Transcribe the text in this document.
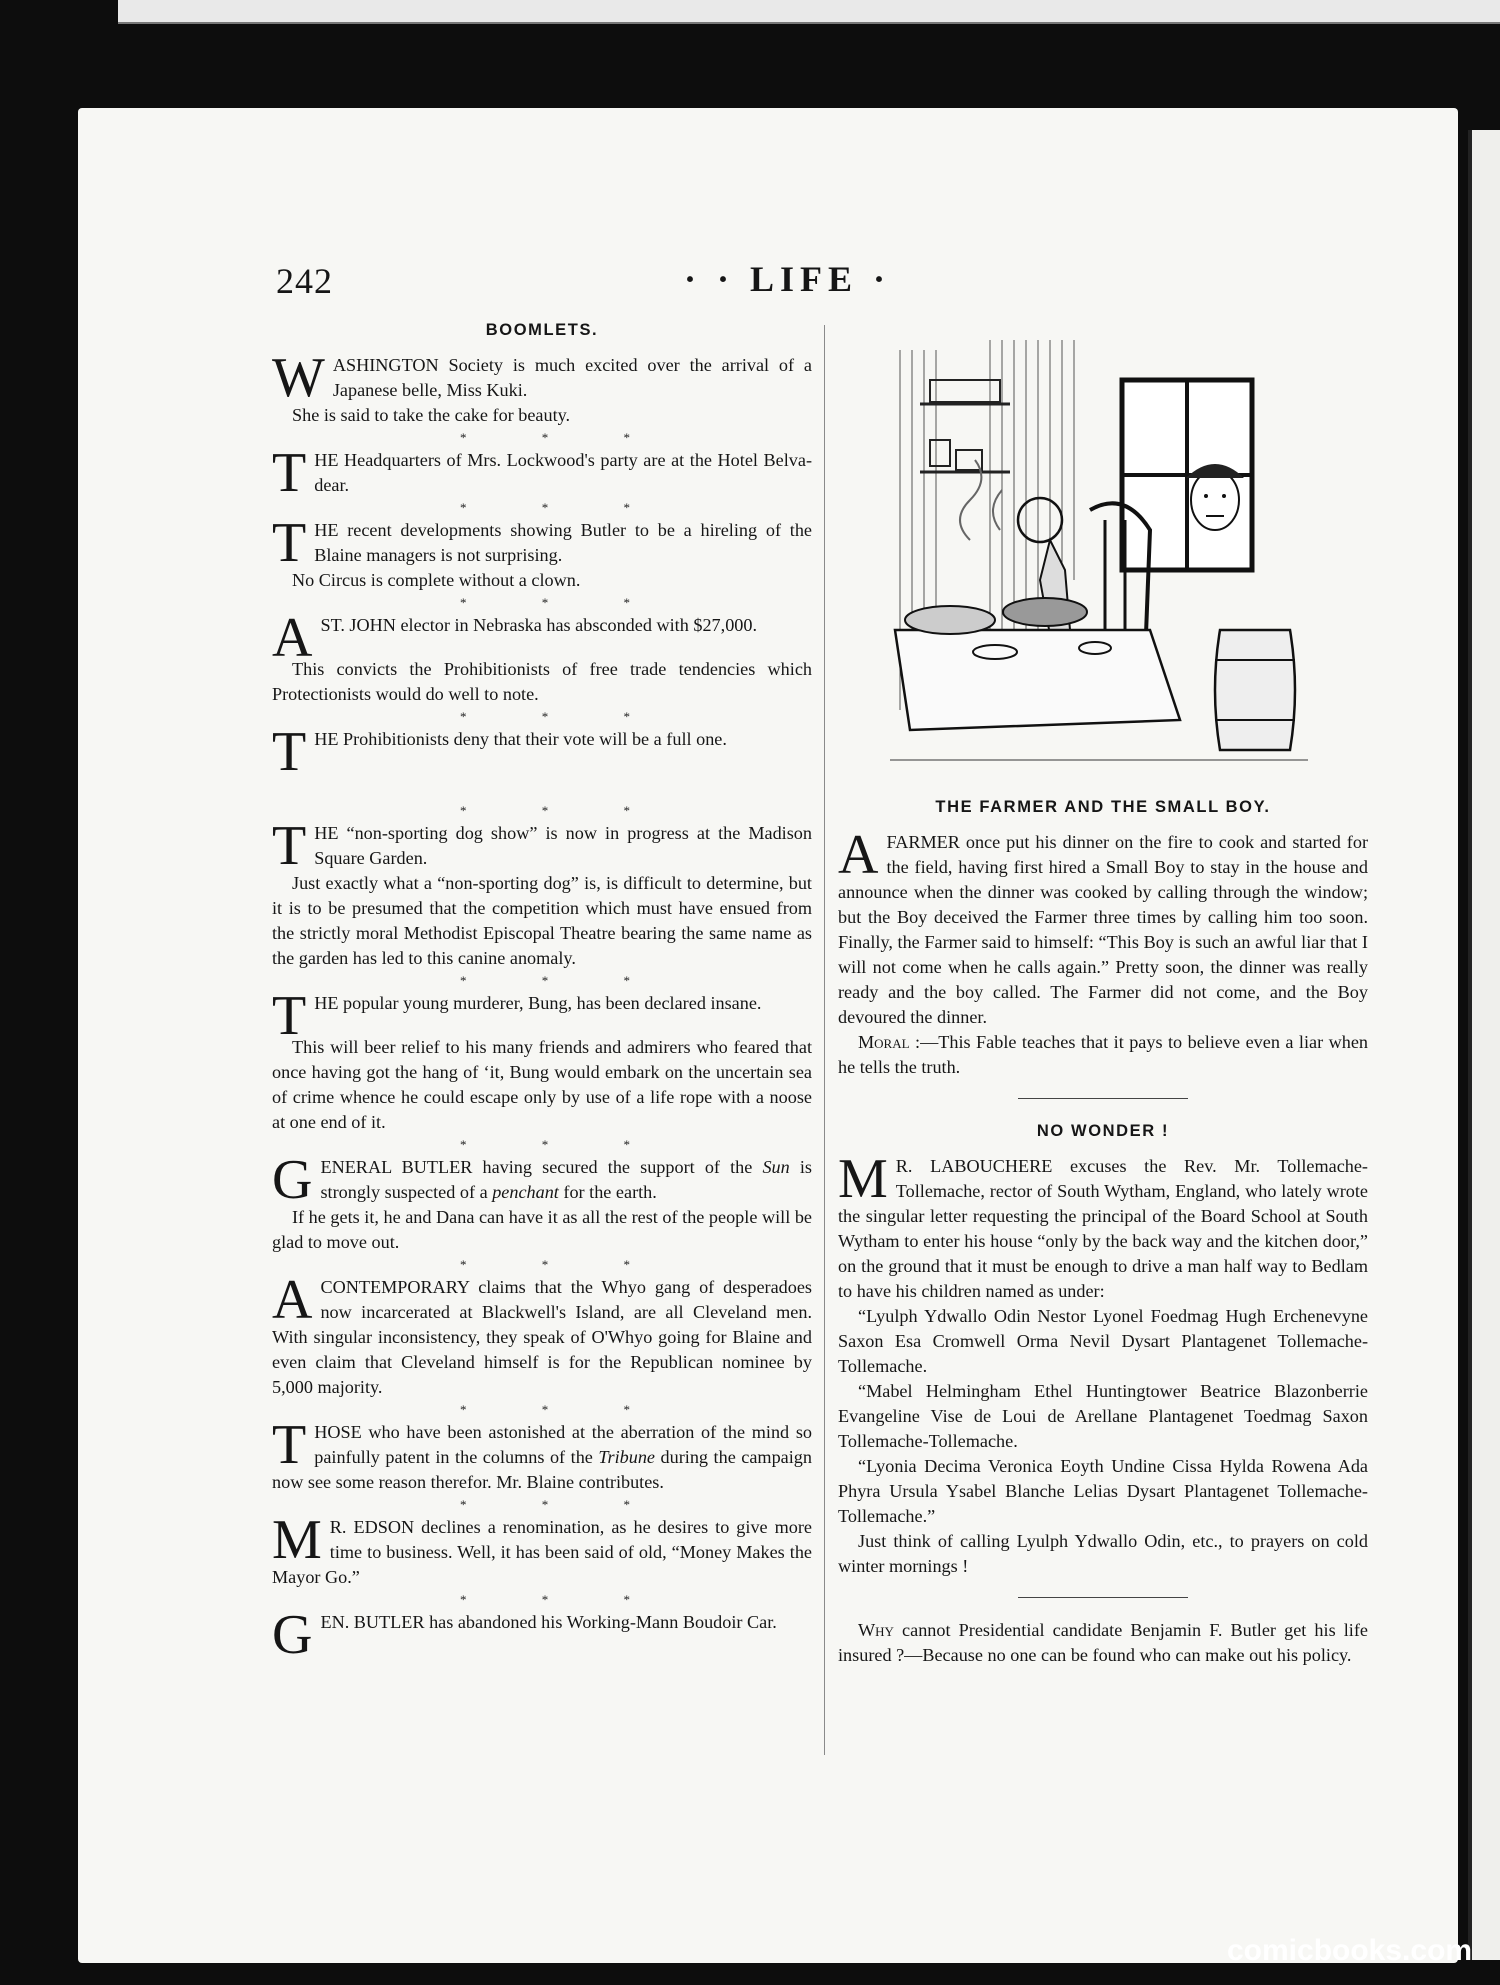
242	· · LIFE ·
BOOMLETS.

WASHINGTON Society is much excited over the arrival of a Japanese belle, Miss Kuki.

She is said to take the cake for beauty.

* * *

THE Headquarters of Mrs. Lockwood's party are at the Hotel Belva-dear.

* * *

THE recent developments showing Butler to be a hireling of the Blaine managers is not surprising.

No Circus is complete without a clown.

* * *

AST. JOHN elector in Nebraska has absconded with $27,000.

This convicts the Prohibitionists of free trade tendencies which Protectionists would do well to note.

* * *

THE Prohibitionists deny that their vote will be a full one.

* * *

THE “non-sporting dog show” is now in progress at the Madison Square Garden.

Just exactly what a “non-sporting dog” is, is difficult to determine, but it is to be presumed that the competition which must have ensued from the strictly moral Methodist Episcopal Theatre bearing the same name as the garden has led to this canine anomaly.

* * *

THE popular young murderer, Bung, has been declared insane.

This will beer relief to his many friends and admirers who feared that once having got the hang of ‘it, Bung would embark on the uncertain sea of crime whence he could escape only by use of a life rope with a noose at one end of it.

* * *

GENERAL BUTLER having secured the support of the Sun is strongly suspected of a penchant for the earth.

If he gets it, he and Dana can have it as all the rest of the people will be glad to move out.

* * *

ACONTEMPORARY claims that the Whyo gang of desperadoes now incarcerated at Blackwell's Island, are all Cleveland men. With singular inconsistency, they speak of O'Whyo going for Blaine and even claim that Cleveland himself is for the Republican nominee by 5,000 majority.

* * *

THOSE who have been astonished at the aberration of the mind so painfully patent in the columns of the Tribune during the campaign now see some reason therefor. Mr. Blaine contributes.

* * *

M R. EDSON declines a renomination, as he desires to give more time to business. Well, it has been said of old, “Money Makes the Mayor Go.”

* * *

GEN. BUTLER has abandoned his Working-Mann Boudoir Car.

THE FARMER AND THE SMALL BOY.

AFARMER once put his dinner on the fire to cook and started for the field, having first hired a Small Boy to stay in the house and announce when the dinner was cooked by calling through the window; but the Boy deceived the Farmer three times by calling him too soon. Finally, the Farmer said to himself: “This Boy is such an awful liar that I will not come when he calls again.” Pretty soon, the dinner was really ready and the boy called. The Farmer did not come, and the Boy devoured the dinner.

Moral :—This Fable teaches that it pays to believe even a liar when he tells the truth.

NO WONDER !

M R. LABOUCHERE excuses the Rev. Mr. Tollemache-Tollemache, rector of South Wytham, England, who lately wrote the singular letter requesting the principal of the Board School at South Wytham to enter his house “only by the back way and the kitchen door,” on the ground that it must be enough to drive a man half way to Bedlam to have his children named as under:

“Lyulph Ydwallo Odin Nestor Lyonel Foedmag Hugh Erchenevyne Saxon Esa Cromwell Orma Nevil Dysart Plantagenet Tollemache-Tollemache.

“Mabel Helmingham Ethel Huntingtower Beatrice Blazonberrie Evangeline Vise de Loui de Arellane Plantagenet Toedmag Saxon Tollemache-Tollemache.

“Lyonia Decima Veronica Eoyth Undine Cissa Hylda Rowena Ada Phyra Ursula Ysabel Blanche Lelias Dysart Plantagenet Tollemache-Tollemache.”

Just think of calling Lyulph Ydwallo Odin, etc., to prayers on cold winter mornings !

Why cannot Presidential candidate Benjamin F. Butler get his life insured ?—Because no one can be found who can make out his policy.

comicbooks.com
